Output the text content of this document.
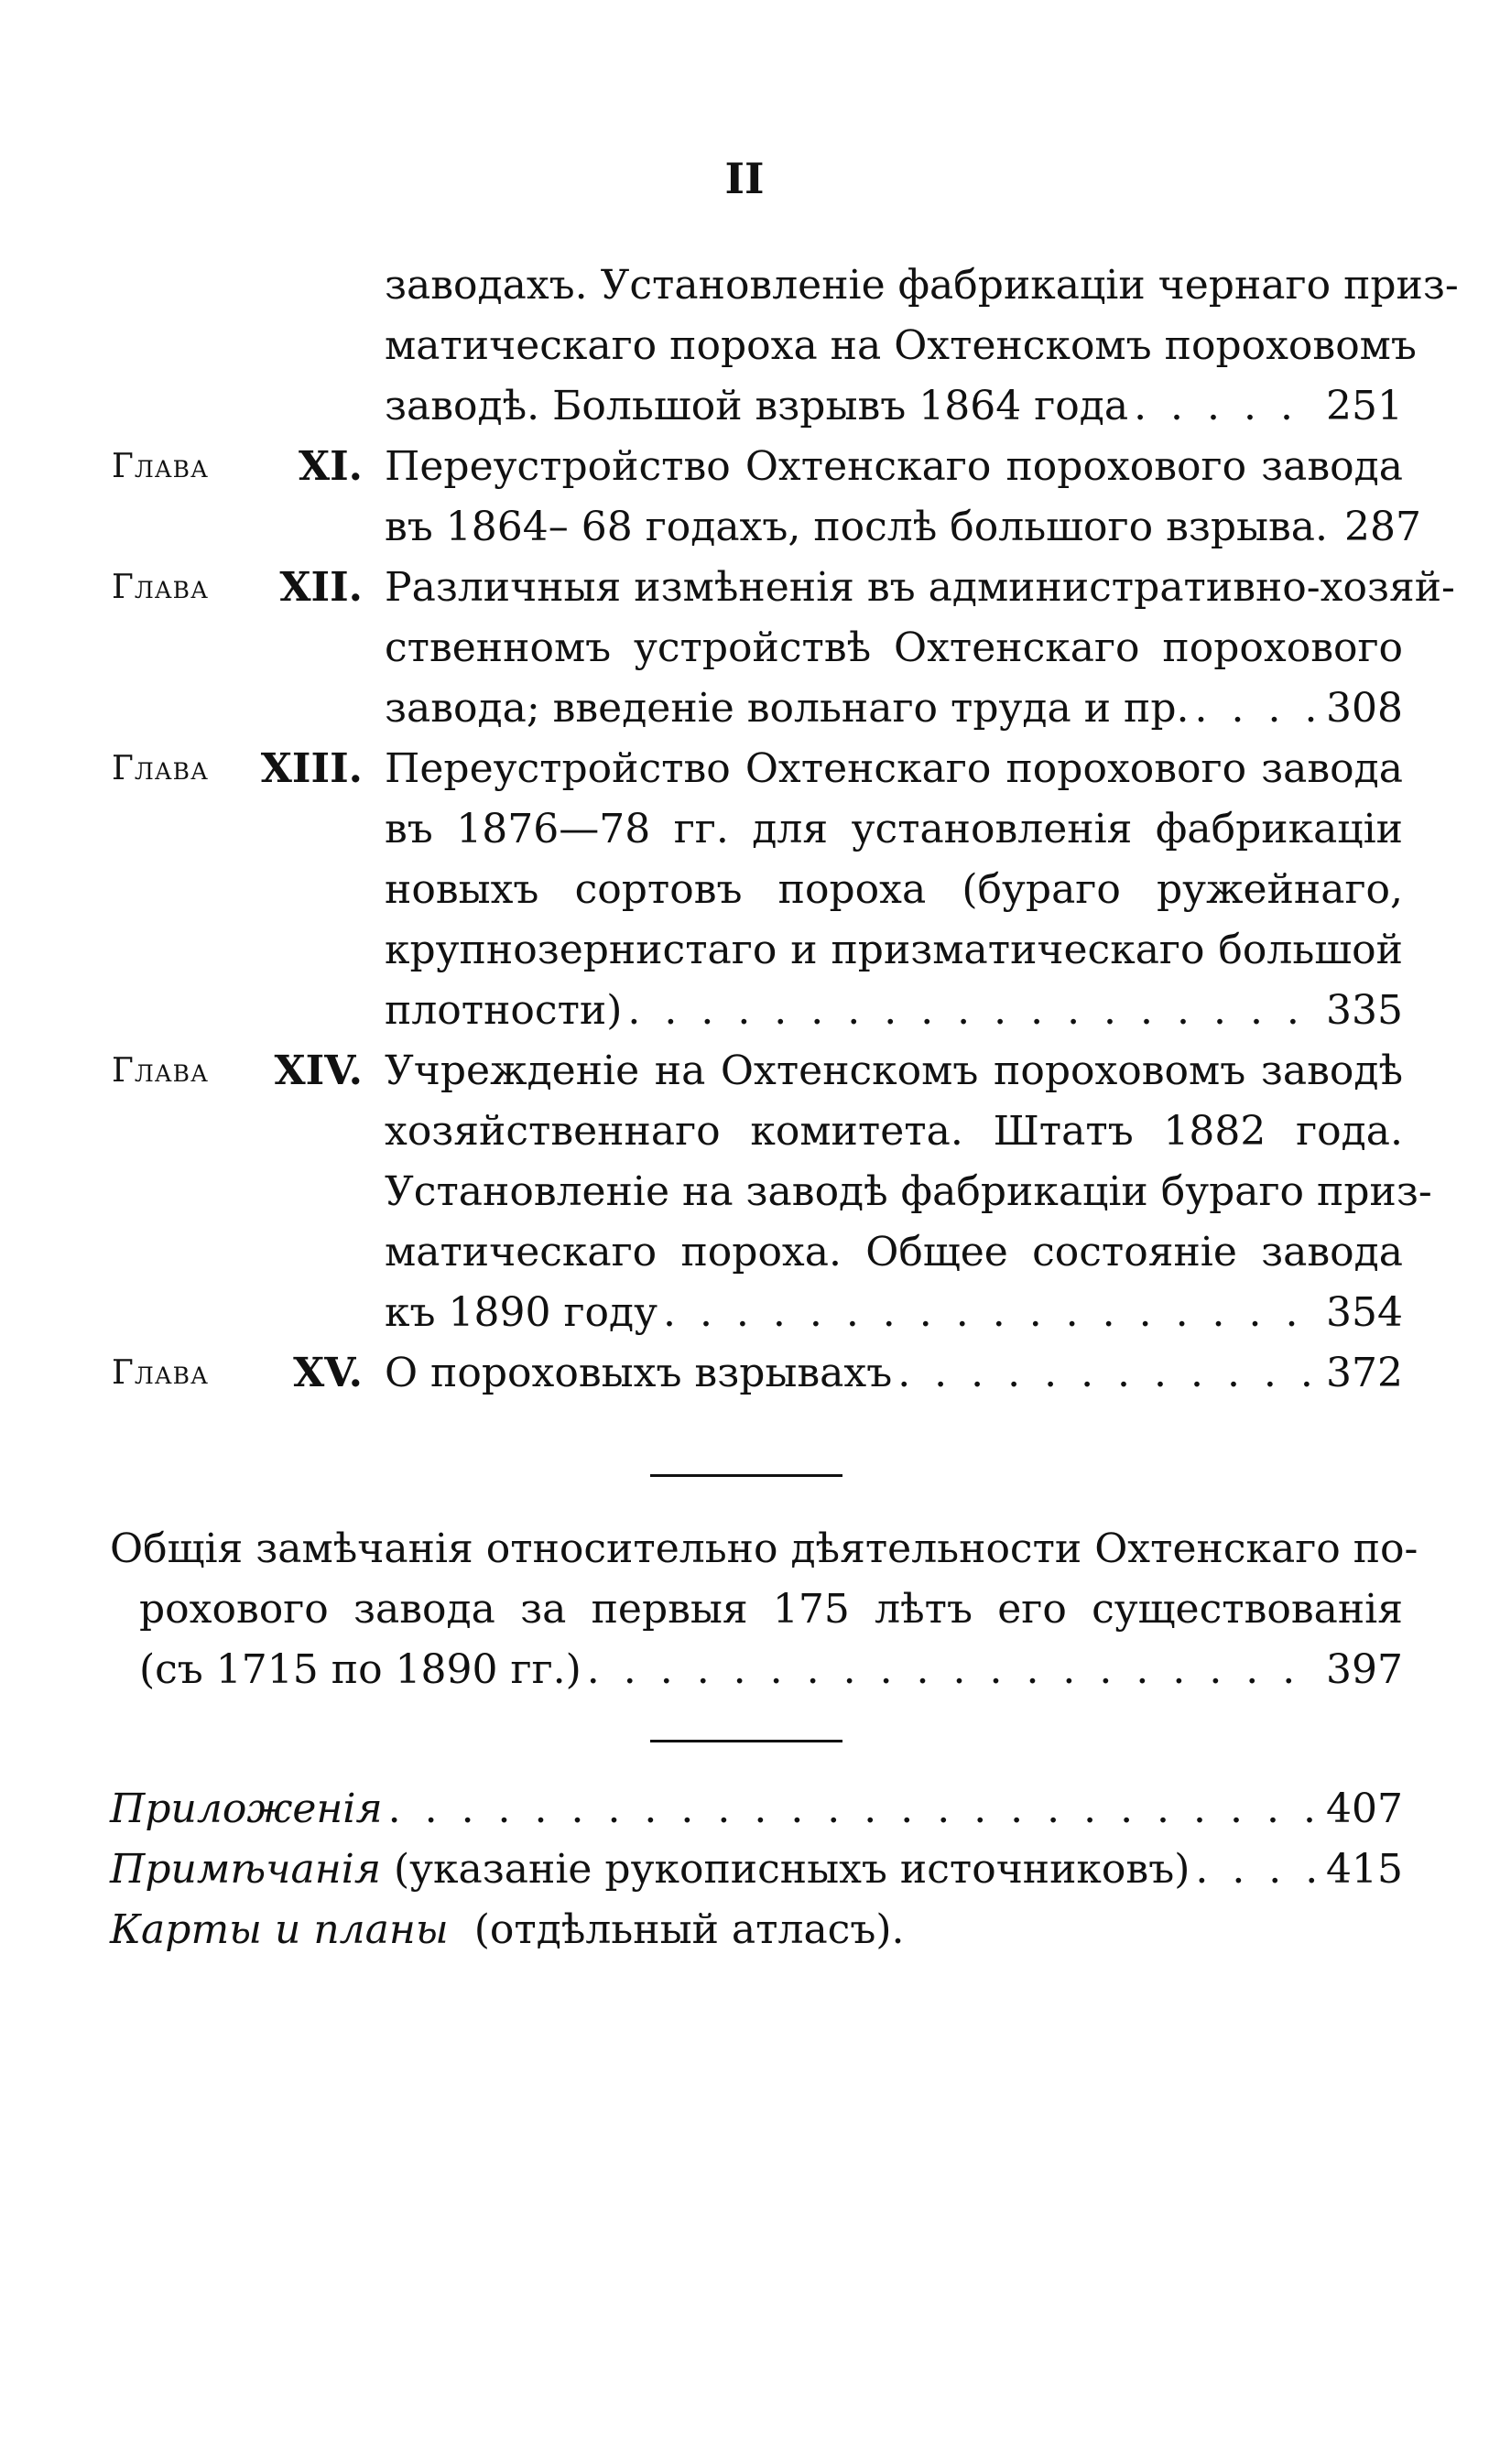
II
заводахъ. Установленіе фабрикаціи чернаго приз-
матическаго пороха на Охтенскомъ пороховомъ
заводѣ. Большой взрывъ 1864 года . . .	251
Глава	XI. Переустройство Охтенскаго порохового завода
въ 1864– 68 годахъ, послѣ большого взрыва. 287
Глава	XII. Различныя измѣненія въ административно-хозяй-
ственномъ устройствѣ Охтенскаго порохового
завода; введеніе вольнаго труда и пр. . . .	308
Глава	XIII. Переустройство Охтенскаго порохового завода
въ 1876—78 гг. для установленія фабрикаціи
новыхъ сортовъ пороха (бураго ружейнаго,
крупнозернистаго и призматическаго большой
плотности) . . .	335
Глава	XIV. Учрежденіе на Охтенскомъ пороховомъ заводѣ
хозяйственнаго комитета. Штатъ 1882 года.
Установленіе на заводѣ фабрикаціи бураго приз-
матическаго пороха. Общее состояніе завода
къ 1890 году . . .	354
Глава	XV. О пороховыхъ взрывахъ . . .	372
Общія замѣчанія относительно дѣятельности Охтенскаго по-
рохового завода за первыя 175 лѣтъ его существованія
(съ 1715 по 1890 гг.) . . .	397
Приложенія . . .	407
Примѣчанія (указаніе рукописныхъ источниковъ) . . .	415
Карты и планы (отдѣльный атласъ).
